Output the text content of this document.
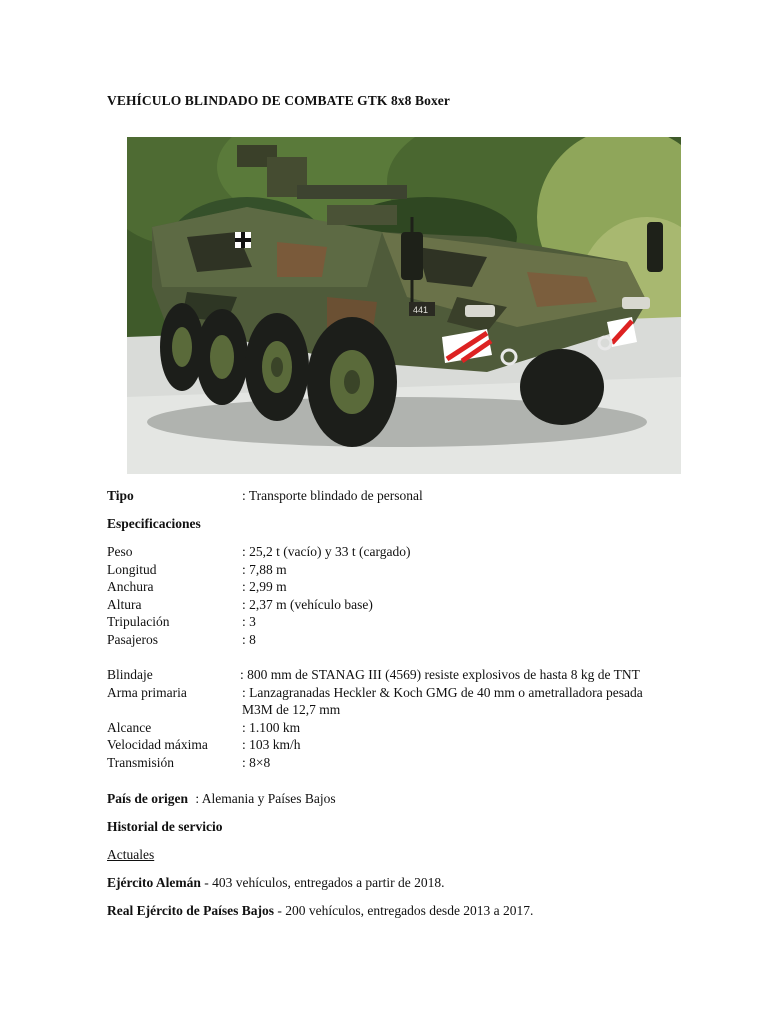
VEHÍCULO BLINDADO DE COMBATE GTK 8x8 Boxer
441
Tipo	: Transporte blindado de personal
Especificaciones
Peso	: 25,2 t (vacío) y 33 t (cargado)
Longitud	: 7,88 m
Anchura	: 2,99 m
Altura	: 2,37 m (vehículo base)
Tripulación	: 3
Pasajeros	: 8
Blindaje	: 800 mm de STANAG III (4569) resiste explosivos de hasta 8 kg de TNT
Arma primaria	: Lanzagranadas Heckler & Koch GMG de 40 mm o ametralladora pesada M3M de 12,7 mm
Alcance	: 1.100 km
Velocidad máxima	: 103 km/h
Transmisión	: 8×8
País de origen : Alemania y Países Bajos
Historial de servicio
Actuales
Ejército Alemán - 403 vehículos, entregados a partir de 2018.
Real Ejército de Países Bajos - 200 vehículos, entregados desde 2013 a 2017.
